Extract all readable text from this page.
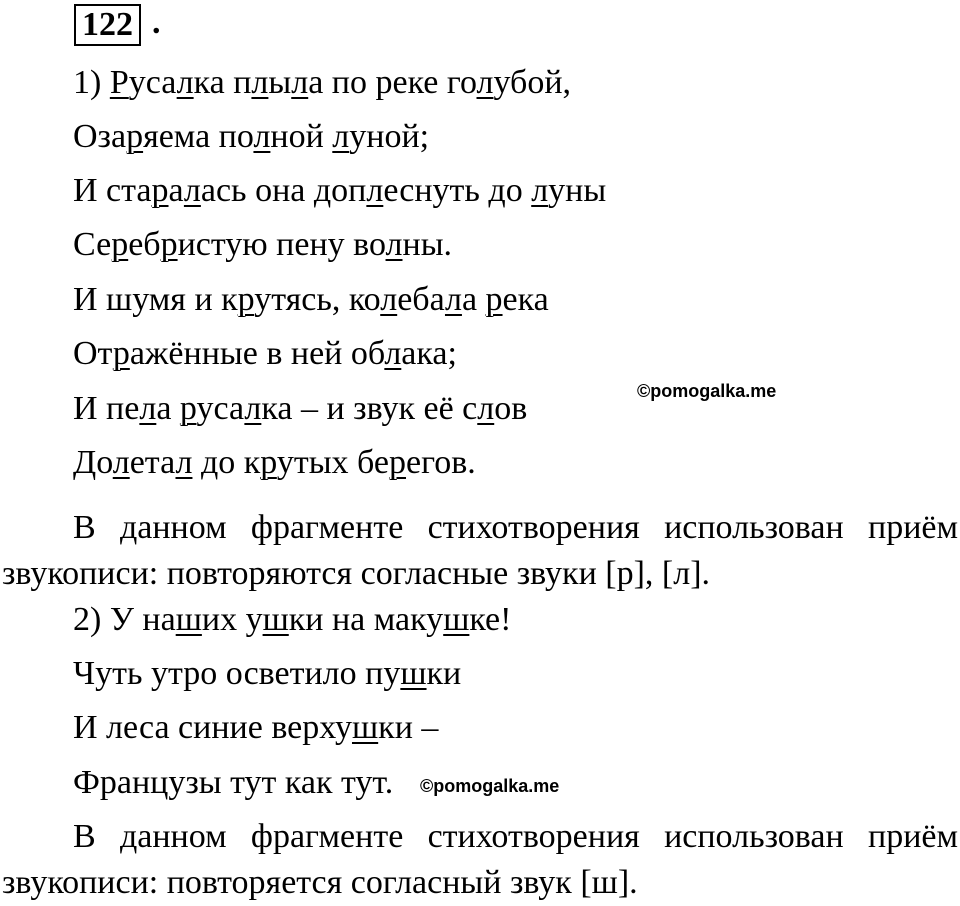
122 .

1) Русалка плыла по реке голубой,

Озаряема полной луной;

И старалась она доплеснуть до луны

Серебристую пену волны.

И шумя и крутясь, колебала река

Отражённые в ней облака;

И пела русалка – и звук её слов

Долетал до крутых берегов.

©pomogalka.me

В данном фрагменте стихотворения использован приём звукописи: повторяются согласные звуки [р], [л].

2) У наших ушки на макушке!

Чуть утро осветило пушки

И леса синие верхушки –

Французы тут как тут. ©pomogalka.me

В данном фрагменте стихотворения использован приём звукописи: повторяется согласный звук [ш].
